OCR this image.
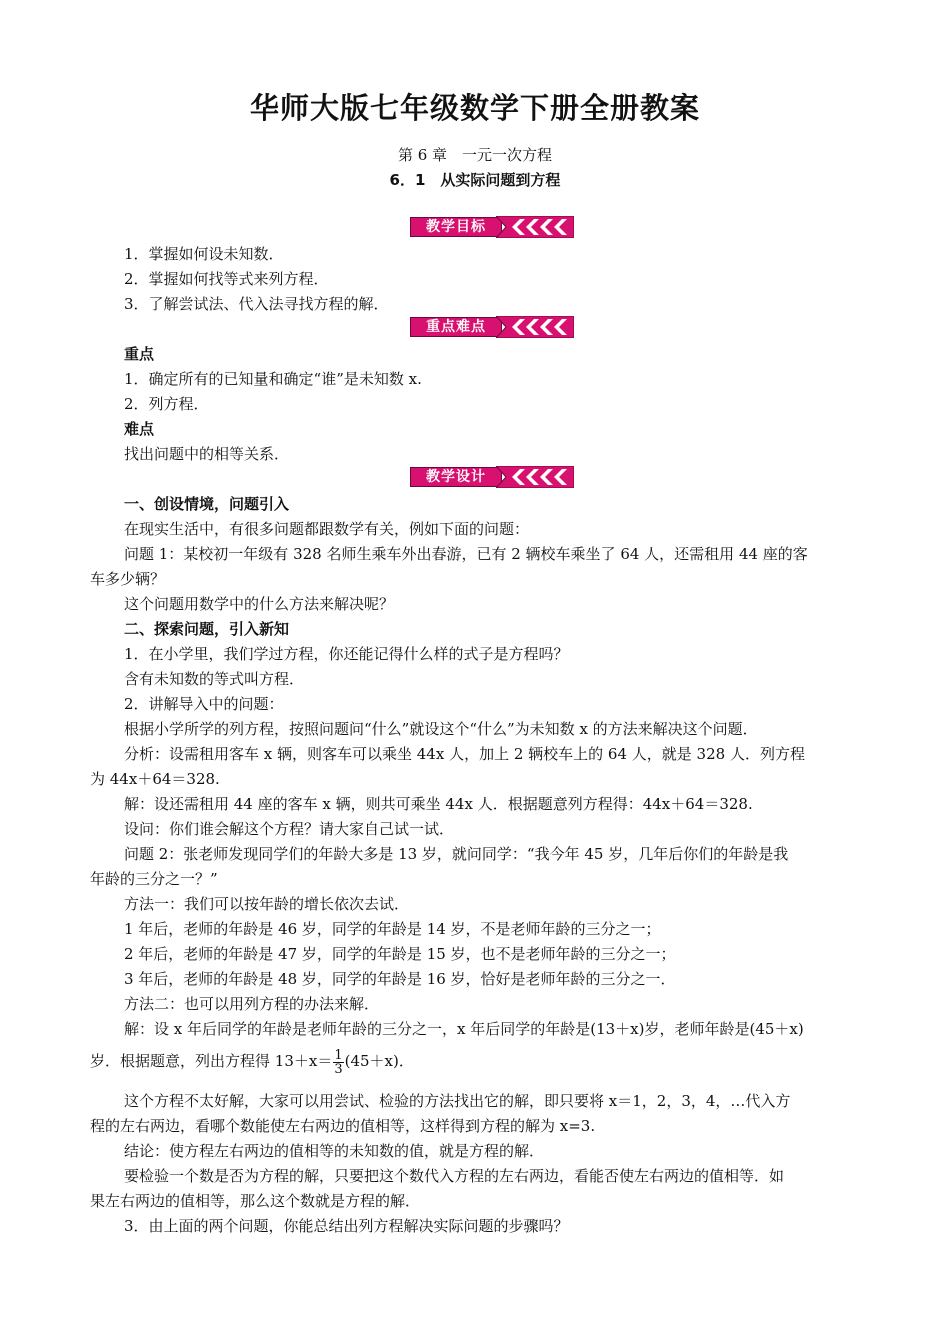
华师大版七年级数学下册全册教案
第 6 章　一元一次方程
6．1　从实际问题到方程
教学目标
1．掌握如何设未知数．
2．掌握如何找等式来列方程．
3．了解尝试法、代入法寻找方程的解．
重点难点
重点
1．确定所有的已知量和确定“谁”是未知数 x.
2．列方程．
难点
找出问题中的相等关系．
教学设计
一、创设情境，问题引入
在现实生活中，有很多问题都跟数学有关，例如下面的问题：
问题 1：某校初一年级有 328 名师生乘车外出春游，已有 2 辆校车乘坐了 64 人，还需租用 44 座的客
车多少辆？
这个问题用数学中的什么方法来解决呢？
二、探索问题，引入新知
1．在小学里，我们学过方程，你还能记得什么样的式子是方程吗？
含有未知数的等式叫方程．
2．讲解导入中的问题：
根据小学所学的列方程，按照问题问“什么”就设这个“什么”为未知数 x 的方法来解决这个问题．
分析：设需租用客车 x 辆，则客车可以乘坐 44x 人，加上 2 辆校车上的 64 人，就是 328 人．列方程
为 44x＋64＝328.
解：设还需租用 44 座的客车 x 辆，则共可乘坐 44x 人．根据题意列方程得：44x＋64＝328.
设问：你们谁会解这个方程？请大家自己试一试．
问题 2：张老师发现同学们的年龄大多是 13 岁，就问同学：“我今年 45 岁，几年后你们的年龄是我
年龄的三分之一？”
方法一：我们可以按年龄的增长依次去试．
1 年后，老师的年龄是 46 岁，同学的年龄是 14 岁，不是老师年龄的三分之一；
2 年后，老师的年龄是 47 岁，同学的年龄是 15 岁，也不是老师年龄的三分之一；
3 年后，老师的年龄是 48 岁，同学的年龄是 16 岁，恰好是老师年龄的三分之一．
方法二：也可以用列方程的办法来解．
解：设 x 年后同学的年龄是老师年龄的三分之一，x 年后同学的年龄是(13＋x)岁，老师年龄是(45＋x)
岁．根据题意，列出方程得 $13+x= \frac{1}{3} (45+x)$．
这个方程不太好解，大家可以用尝试、检验的方法找出它的解，即只要将 x＝1，2，3，4，…代入方
程的左右两边，看哪个数能使左右两边的值相等，这样得到方程的解为 x=3.
结论：使方程左右两边的值相等的未知数的值，就是方程的解．
要检验一个数是否为方程的解，只要把这个数代入方程的左右两边，看能否使左右两边的值相等．如
果左右两边的值相等，那么这个数就是方程的解．
3．由上面的两个问题，你能总结出列方程解决实际问题的步骤吗？
